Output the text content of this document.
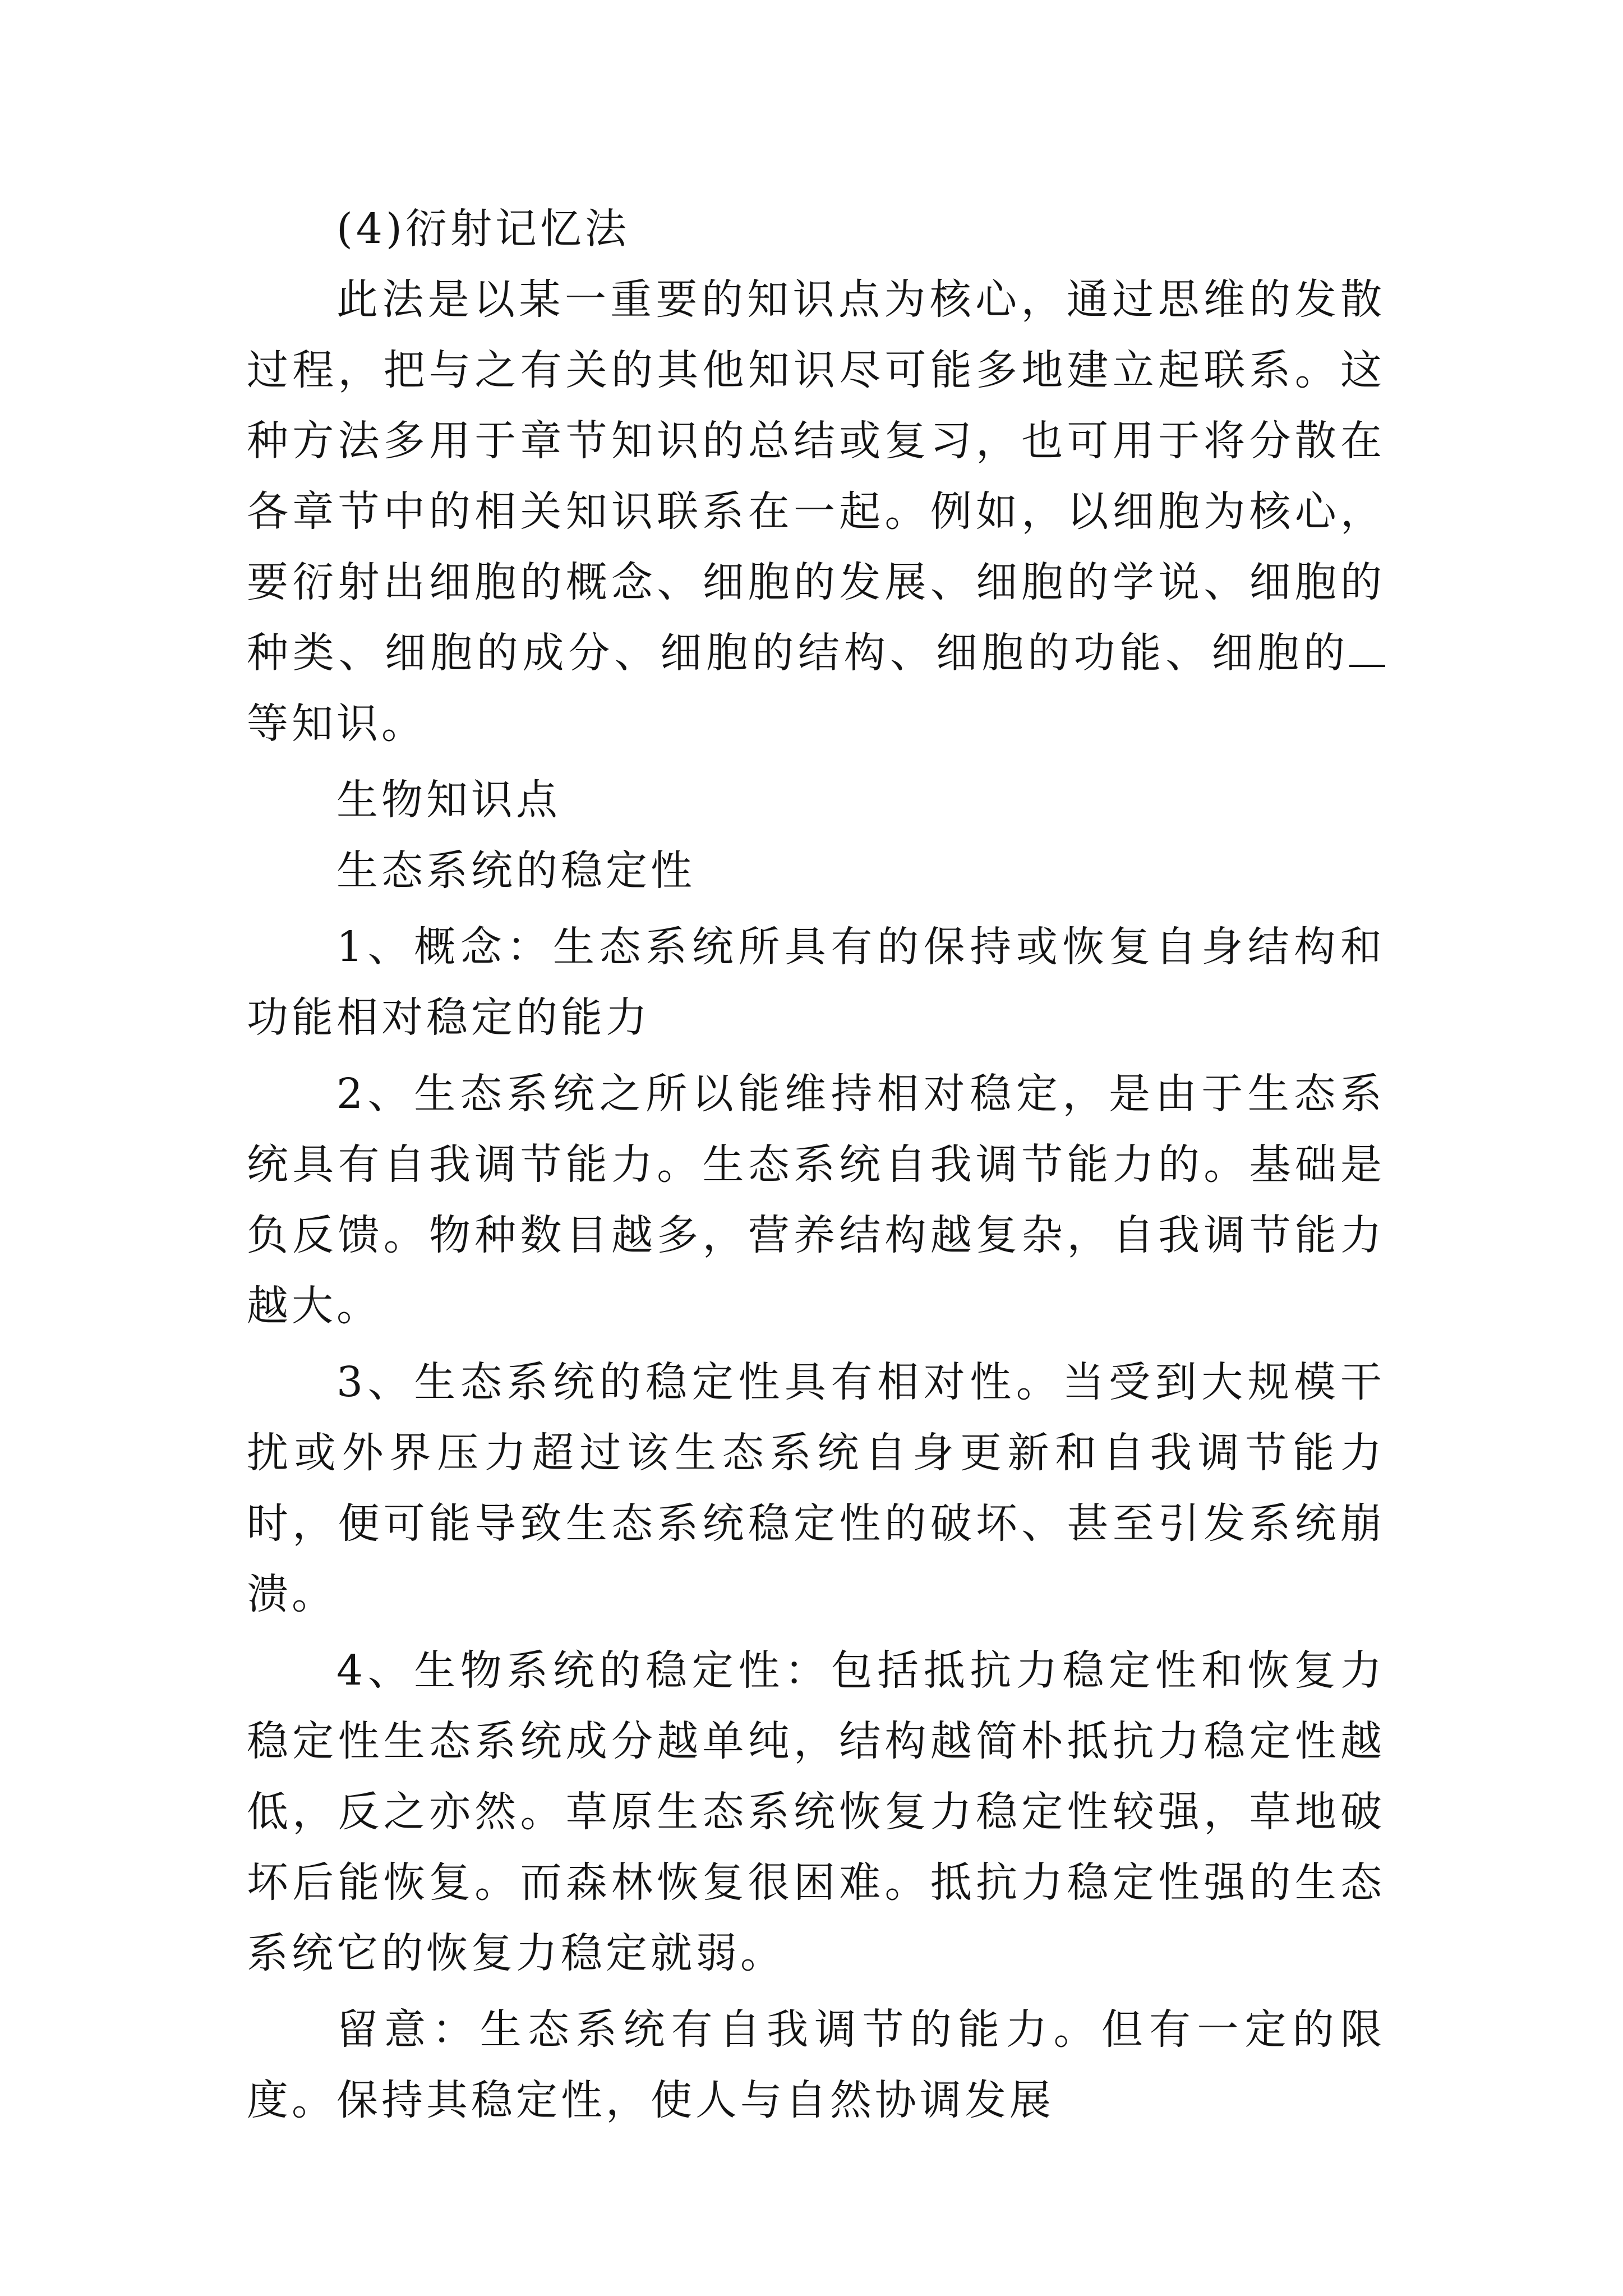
(4)衍射记忆法

此法是以某一重要的知识点为核心，通过思维的发散过程，把与之有关的其他知识尽可能多地建立起联系。这种方法多用于章节知识的总结或复习，也可用于将分散在各章节中的相关知识联系在一起。例如，以细胞为核心，要衍射出细胞的概念、细胞的发展、细胞的学说、细胞的种类、细胞的成分、细胞的结构、细胞的功能、细胞的等知识。

生物知识点

生态系统的稳定性

1、概念：生态系统所具有的保持或恢复自身结构和功能相对稳定的能力

2、生态系统之所以能维持相对稳定，是由于生态系统具有自我调节能力。生态系统自我调节能力的。基础是负反馈。物种数目越多，营养结构越复杂，自我调节能力越大。

3、生态系统的稳定性具有相对性。当受到大规模干扰或外界压力超过该生态系统自身更新和自我调节能力时，便可能导致生态系统稳定性的破坏、甚至引发系统崩溃。

4、生物系统的稳定性：包括抵抗力稳定性和恢复力稳定性生态系统成分越单纯，结构越简朴抵抗力稳定性越低，反之亦然。草原生态系统恢复力稳定性较强，草地破坏后能恢复。而森林恢复很困难。抵抗力稳定性强的生态系统它的恢复力稳定就弱。

留意：生态系统有自我调节的能力。但有一定的限度。保持其稳定性，使人与自然协调发展
